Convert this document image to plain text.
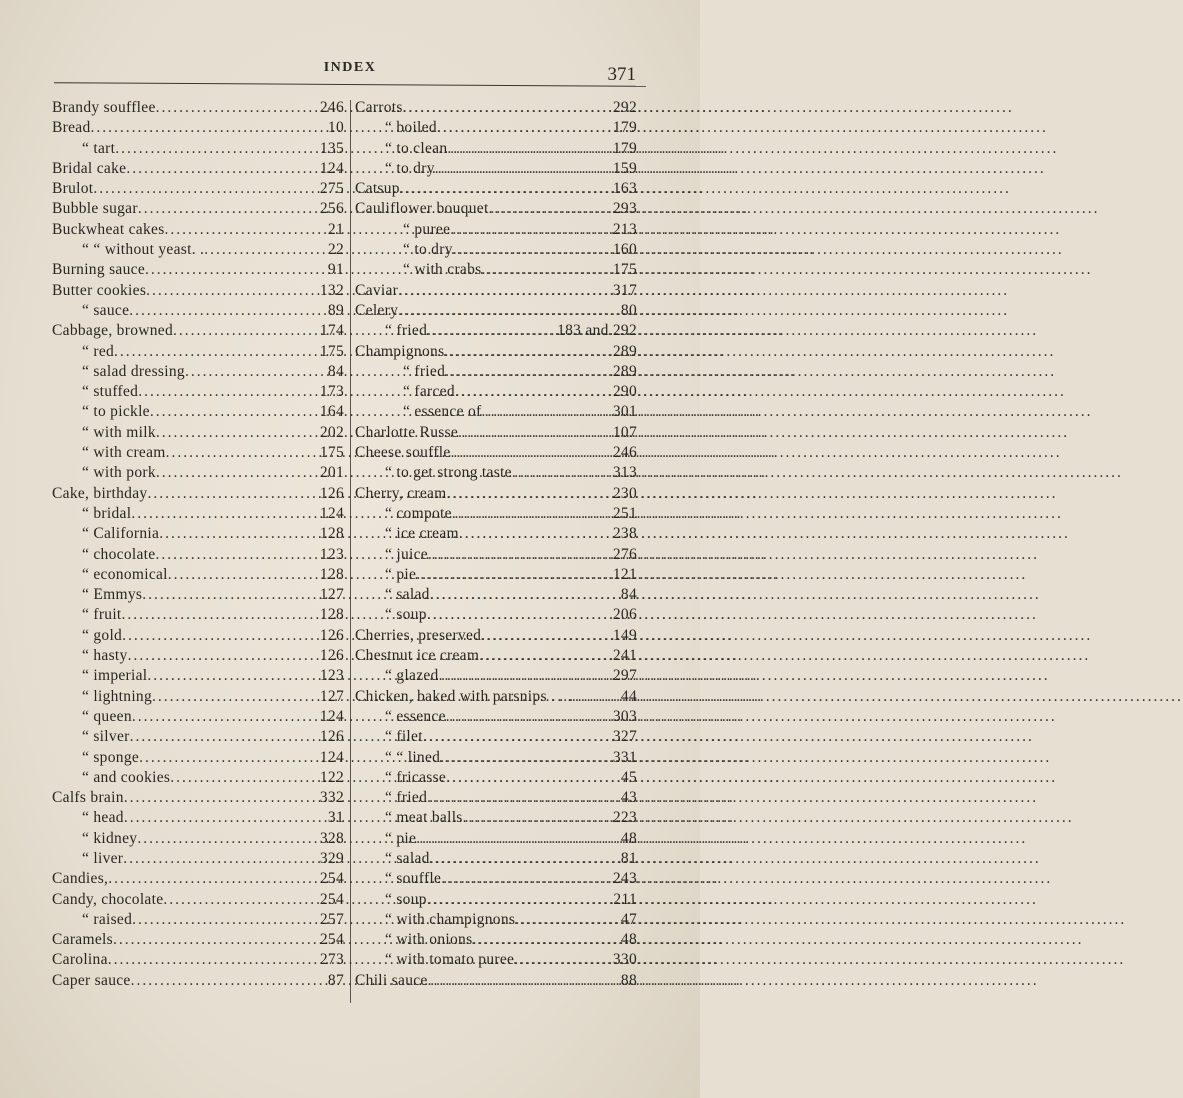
INDEX	371
Brandy soufflee .....	246
Bread .....	10
“ tart .....	135
Bridal cake .....	124
Brulot .....	275
Bubble sugar .....	256
Buckwheat cakes .....	21
“ “ without yeast. . .....	22
Burning sauce .....	91
Butter cookies .....	132
“ sauce .....	89
Cabbage, browned .....	174
“ red .....	175
“ salad dressing .....	84
“ stuffed .....	173
“ to pickle .....	164
“ with milk .....	202
“ with cream .....	175
“ with pork .....	201
Cake, birthday .....	126
“ bridal .....	124
“ California .....	128
“ chocolate .....	123
“ economical .....	128
“ Emmys .....	127
“ fruit .....	128
“ gold .....	126
“ hasty .....	126
“ imperial .....	123
“ lightning .....	127
“ queen .....	124
“ silver .....	126
“ sponge .....	124
“ and cookies .....	122
Calfs brain .....	332
“ head .....	31
“ kidney .....	328
“ liver .....	329
Candies, .....	254
Candy, chocolate .....	254
“ raised .....	257
Caramels .....	254
Carolina .....	273
Caper sauce .....	87
Carrots .....	292
“ boiled .....	179
“ to clean .....	179
“ to dry .....	159
Catsup .....	163
Cauliflower bouquet .....	293
“ puree .....	213
“ to dry .....	160
“ with crabs .....	175
Caviar .....	317
Celery .....	80
“ fried .....	183 and 292
Champignons .....	289
“ fried .....	289
“ farced .....	290
“ essence of .....	301
Charlotte Russe .....	107
Cheese souffle .....	246
“ to get strong taste .....	313
Cherry, cream .....	230
“ compote .....	251
“ ice cream .....	238
“ juice .....	276
“ pie .....	121
“ salad .....	84
“ soup .....	206
Cherries, preserved .....	149
Chestnut ice cream .....	241
“ glazed .....	297
Chicken, baked with parsnips . . . .....	44
“ essence .....	303
“ filet .....	327
“ “ lined .....	331
“ fricasse .....	45
“ fried .....	43
“ meat balls .....	223
“ pie .....	48
“ salad .....	81
“ souffle .....	243
“ soup .....	211
“ with champignons .....	47
“ with onions .....	48
“ with tomato puree .....	330
Chili sauce .....	88
